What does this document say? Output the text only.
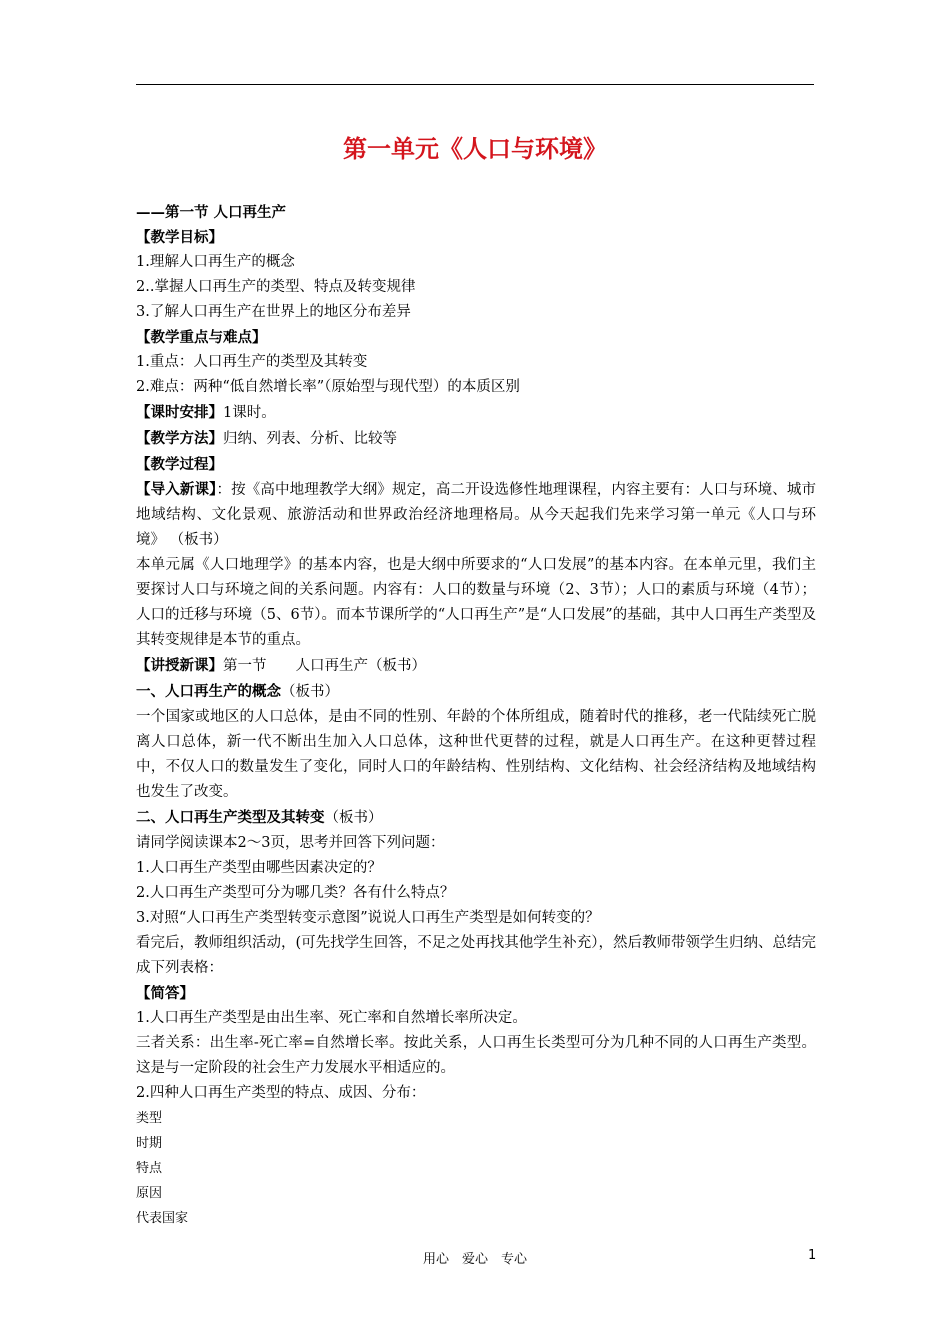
第一单元《人口与环境》

——第一节 人口再生产

【教学目标】

1.理解人口再生产的概念

2..掌握人口再生产的类型、特点及转变规律

3.了解人口再生产在世界上的地区分布差异

【教学重点与难点】

1.重点：人口再生产的类型及其转变

2.难点：两种“低自然增长率”（原始型与现代型）的本质区别

【课时安排】1课时。

【教学方法】归纳、列表、分析、比较等

【教学过程】

【导入新课】：按《高中地理教学大纲》规定，高二开设选修性地理课程，内容主要有：人口与环境、城市地域结构、文化景观、旅游活动和世界政治经济地理格局。从今天起我们先来学习第一单元《人口与环境》 （板书）

本单元属《人口地理学》的基本内容，也是大纲中所要求的“人口发展”的基本内容。在本单元里，我们主要探讨人口与环境之间的关系问题。内容有：人口的数量与环境（2、3节）；人口的素质与环境（4节）；人口的迁移与环境（5、6节）。而本节课所学的“人口再生产”是“人口发展”的基础，其中人口再生产类型及其转变规律是本节的重点。

【讲授新课】第一节　　人口再生产（板书）

一、人口再生产的概念（板书）

一个国家或地区的人口总体，是由不同的性别、年龄的个体所组成，随着时代的推移，老一代陆续死亡脱离人口总体，新一代不断出生加入人口总体，这种世代更替的过程，就是人口再生产。在这种更替过程中，不仅人口的数量发生了变化，同时人口的年龄结构、性别结构、文化结构、社会经济结构及地域结构也发生了改变。

二、人口再生产类型及其转变（板书）

请同学阅读课本2～3页，思考并回答下列问题：

1.人口再生产类型由哪些因素决定的？

2.人口再生产类型可分为哪几类？各有什么特点？

3.对照“人口再生产类型转变示意图”说说人口再生产类型是如何转变的？

看完后，教师组织活动，(可先找学生回答，不足之处再找其他学生补充），然后教师带领学生归纳、总结完成下列表格：

【简答】

1.人口再生产类型是由出生率、死亡率和自然增长率所决定。

三者关系：出生率-死亡率=自然增长率。按此关系，人口再生长类型可分为几种不同的人口再生产类型。这是与一定阶段的社会生产力发展水平相适应的。

2.四种人口再生产类型的特点、成因、分布：

类型

时期

特点

原因

代表国家

用心　爱心　专心	1
